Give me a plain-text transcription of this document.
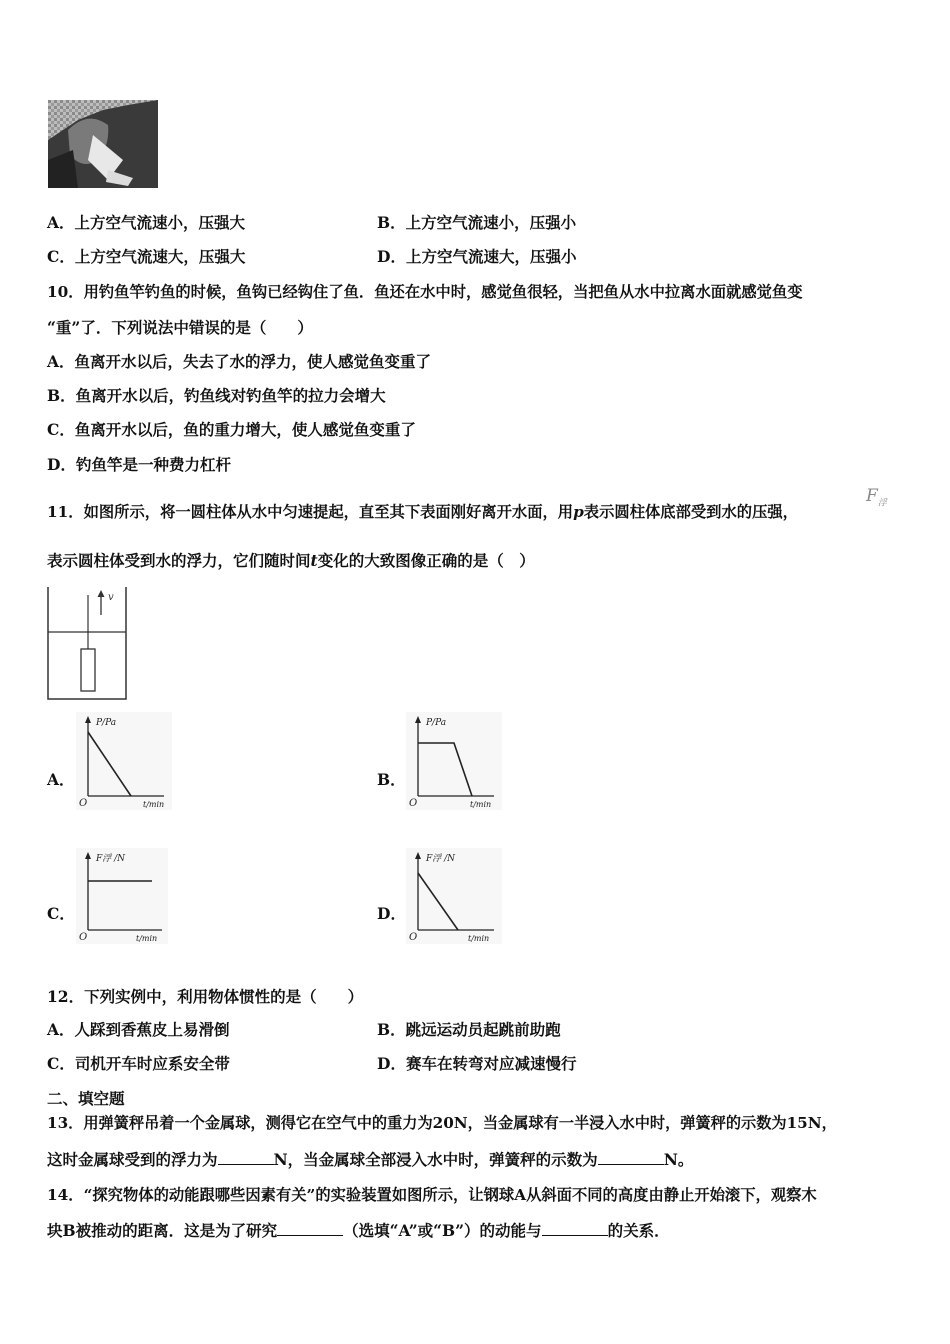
A．上方空气流速小，压强大	B．上方空气流速小，压强小
C．上方空气流速大，压强大	D．上方空气流速大，压强小
10．用钓鱼竿钓鱼的时候，鱼钩已经钩住了鱼．鱼还在水中时，感觉鱼很轻，当把鱼从水中拉离水面就感觉鱼变
“重”了．下列说法中错误的是（　　）
A．鱼离开水以后，失去了水的浮力，使人感觉鱼变重了
B．鱼离开水以后，钓鱼线对钓鱼竿的拉力会增大
C．鱼离开水以后，鱼的重力增大，使人感觉鱼变重了
D．钓鱼竿是一种费力杠杆
11．如图所示，将一圆柱体从水中匀速提起，直至其下表面刚好离开水面，用p表示圆柱体底部受到水的压强，
$F_浮$
表示圆柱体受到水的浮力，它们随时间t变化的大致图像正确的是（　）
v
A．	B．
C．	D．
P/Pa
O	t/min
P/Pa
O	t/min
F浮 /N
O	t/min
F浮 /N
O	t/min
12．下列实例中，利用物体惯性的是（　　）
A．人踩到香蕉皮上易滑倒	B．跳远运动员起跳前助跑
C．司机开车时应系安全带	D．赛车在转弯对应减速慢行
二、填空题
13．用弹簧秤吊着一个金属球，测得它在空气中的重力为20N，当金属球有一半浸入水中时，弹簧秤的示数为15N，
这时金属球受到的浮力为	N，当金属球全部浸入水中时，弹簧秤的示数为	N。
14．“探究物体的动能跟哪些因素有关”的实验装置如图所示，让钢球A从斜面不同的高度由静止开始滚下，观察木
块B被推动的距离．这是为了研究	（选填“A”或“B”）的动能与	的关系．
